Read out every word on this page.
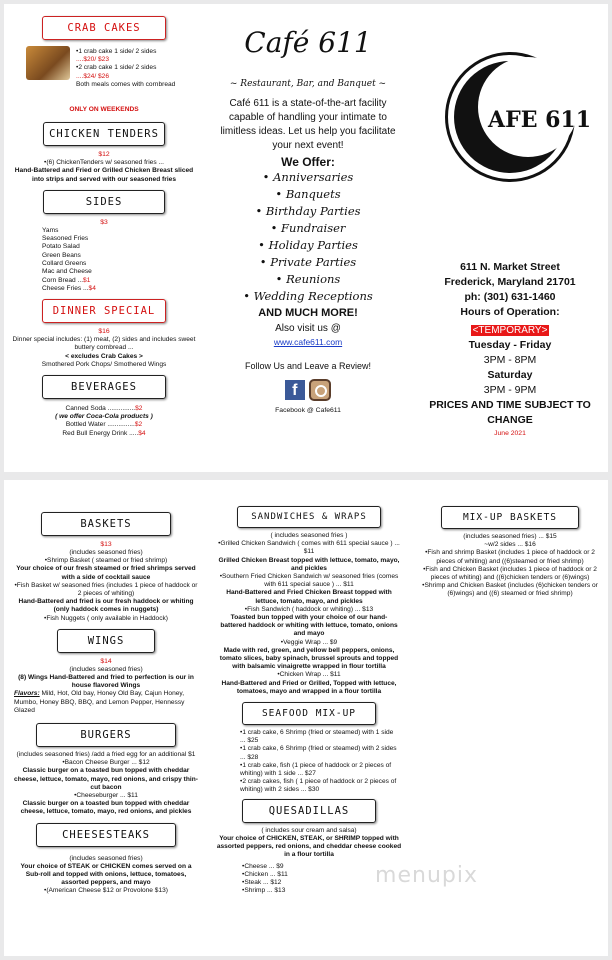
CRAB CAKES
• 1 crab cake 1 side/ 2 sides
....$20/ $23
• 2 crab cake 1 side/ 2 sides
....$24/ $26
Both meals comes with cornbread
ONLY ON WEEKENDS
CHICKEN TENDERS
$12
• (6) ChickenTenders w/ seasoned fries ...
Hand-Battered and Fried or Grilled Chicken Breast sliced into strips and served with our seasoned fries
SIDES
$3
Yams
Seasoned Fries
Potato Salad
Green Beans
Collard Greens
Mac and Cheese
Corn Bread ...$1
Cheese Fries ...$4
DINNER SPECIAL
$16
Dinner special includes: (1) meat, (2) sides and includes sweet buttery cornbread ...
< excludes Crab Cakes >
Smothered Pork Chops/ Smothered Wings
BEVERAGES
Canned Soda ...............$2
( we offer Coca-Cola products )
Bottled Water ...............$2
Red Bull Energy Drink .....$4
Café 611
~ Restaurant, Bar, and Banquet ~
Café 611 is a state-of-the-art facility capable of handling your intimate to limitless ideas. Let us help you facilitate your next event!
We Offer:
• Anniversaries
• Banquets
• Birthday Parties
• Fundraiser
• Holiday Parties
• Private Parties
• Reunions
• Wedding Receptions
AND MUCH MORE!
Also visit us @
www.cafe611.com
Follow Us and Leave a Review!
f
Facebook @ Cafe611
AFE 611
611 N. Market Street
Frederick, Maryland 21701
ph: (301) 631-1460
Hours of Operation:
<TEMPORARY>
Tuesday - Friday
3PM - 8PM
Saturday
3PM - 9PM
PRICES AND TIME SUBJECT TO CHANGE
June 2021
BASKETS
$13
(includes seasoned fries)
• Shrimp Basket ( steamed or fried shrimp)
Your choice of our fresh steamed or fried shrimps served with a side of cocktail sauce
• Fish Basket w/ seasoned fries (includes 1 piece of haddock or 2 pieces of whiting)
Hand-Battered and fried is our fresh haddock or whiting (only haddock comes in nuggets)
• Fish Nuggets ( only available in Haddock)
WINGS
$14
(includes seasoned fries)
(8) Wings Hand-Battered and fried to perfection is our in house flavored Wings
Flavors: Mild, Hot, Old bay, Honey Old Bay, Cajun Honey, Mumbo, Honey BBQ, BBQ, and Lemon Pepper, Hennessy Glazed
BURGERS
(includes seasoned fries) /add a fried egg for an additional $1
• Bacon Cheese Burger ... $12
Classic burger on a toasted bun topped with cheddar cheese, lettuce, tomato, mayo, red onions, and crispy thin-cut bacon
• Cheeseburger ... $11
Classic burger on a toasted bun topped with cheddar cheese, lettuce, tomato, mayo, red onions, and pickles
CHEESESTEAKS
(includes seasoned fries)
Your choice of STEAK or CHICKEN comes served on a Sub-roll and topped with onions, lettuce, tomatoes, assorted peppers, and mayo
• (American Cheese $12 or Provolone $13)
SANDWICHES & WRAPS
( includes seasoned fries )
• Grilled Chicken Sandwich ( comes with 611 special sauce ) ... $11
Grilled Chicken Breast topped with lettuce, tomato, mayo, and pickles
• Southern Fried Chicken Sandwich w/ seasoned fries (comes with 611 special sauce ) ... $11
Hand-Battered and Fried Chicken Breast topped with lettuce, tomato, mayo, and pickles
• Fish Sandwich ( haddock or whiting) ... $13
Toasted bun topped with your choice of our hand-battered haddock or whiting with lettuce, tomato, onions and mayo
• Veggie Wrap ... $9
Made with red, green, and yellow bell peppers, onions, tomato slices, baby spinach, brussel sprouts and topped with balsamic vinaigrette wrapped in flour tortilla
• Chicken Wrap ... $11
Hand-Battered and Fried or Grilled, Topped with lettuce, tomatoes, mayo and wrapped in a flour tortilla
SEAFOOD MIX-UP
• 1 crab cake, 6 Shrimp (fried or steamed) with 1 side ... $25
• 1 crab cake, 6 Shrimp (fried or steamed) with 2 sides ... $28
• 1 crab cake, fish (1 piece of haddock or 2 pieces of whiting) with 1 side ... $27
• 2 crab cakes, fish ( 1 piece of haddock or 2 pieces of whiting) with 2 sides ... $30
QUESADILLAS
( includes sour cream and salsa)
Your choice of CHICKEN, STEAK, or SHRIMP topped with assorted peppers, red onions, and cheddar cheese cooked in a flour tortilla
• Cheese ... $9
• Chicken ... $11
• Steak ... $12
• Shrimp ... $13
MIX-UP BASKETS
(includes seasoned fries) ... $15
~w/2 sides ... $16
• Fish and shrimp Basket (includes 1 piece of haddock or 2 pieces of whiting) and ((6)steamed or fried shrimp)
• Fish and Chicken Basket (includes 1 piece of haddock or 2 pieces of whiting) and ((6)chicken tenders or (6)wings)
• Shrimp and Chicken Basket (includes (6)chicken tenders or (6)wings) and ((6) steamed or fried shrimp)
menupix
